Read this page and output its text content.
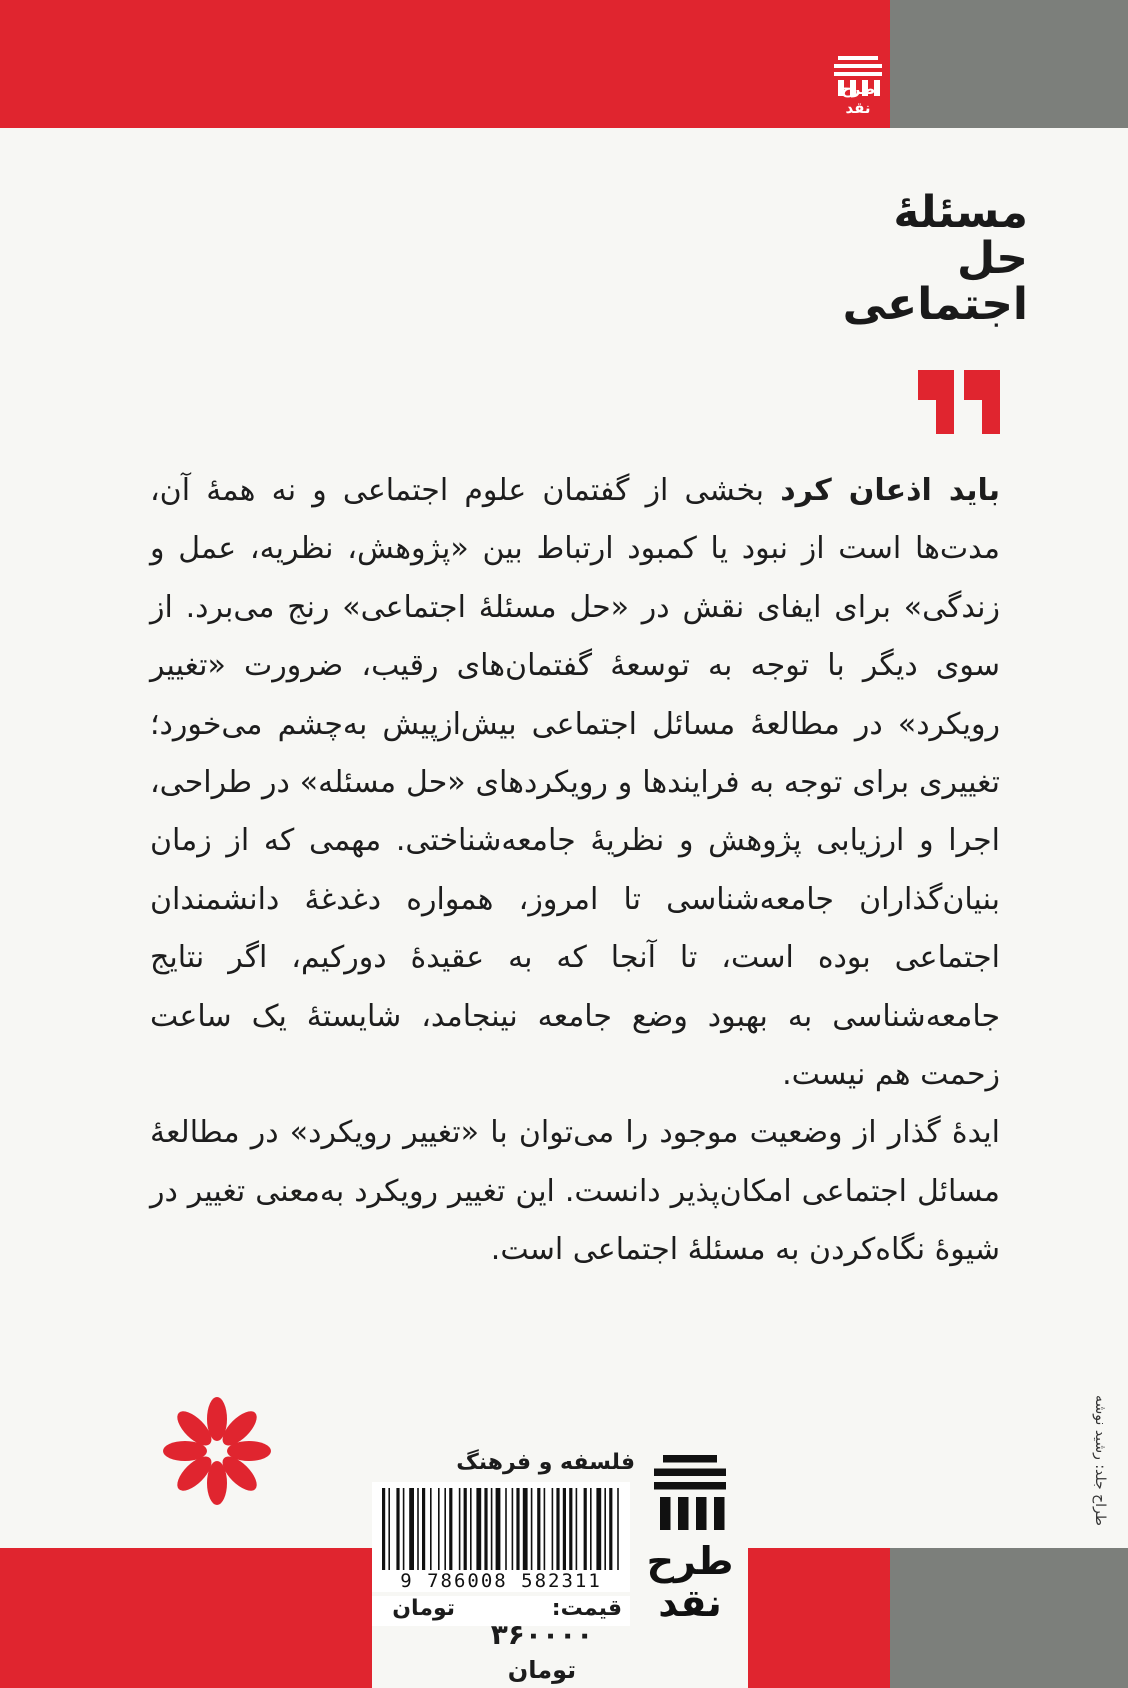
طرح نقد
مسئلهٔ حل اجتماعی

باید اذعان کرد بخشی از گفتمان علوم اجتماعی و نه همهٔ آن، مدت‌ها است از نبود یا کمبود ارتباط بین «پژوهش، نظریه، عمل و زندگی» برای ایفای نقش در «حل مسئلهٔ اجتماعی» رنج می‌برد. از سوی دیگر با توجه به توسعهٔ گفتمان‌های رقیب، ضرورت «تغییر رویکرد» در مطالعهٔ مسائل اجتماعی بیش‌ازپیش به‌چشم می‌خورد؛ تغییری برای توجه به فرایندها و رویکردهای «حل مسئله» در طراحی، اجرا و ارزیابی پژوهش و نظریهٔ جامعه‌شناختی. مهمی که از زمان بنیان‌گذاران جامعه‌شناسی تا امروز، همواره دغدغهٔ دانشمندان اجتماعی بوده است، تا آنجا که به عقیدهٔ دورکیم، اگر نتایج جامعه‌شناسی به بهبود وضع جامعه نینجامد، شایستهٔ یک ساعت زحمت هم نیست.

ایدهٔ گذار از وضعیت موجود را می‌توان با «تغییر رویکرد» در مطالعهٔ مسائل اجتماعی امکان‌پذیر دانست. این تغییر رویکرد به‌معنی تغییر در شیوهٔ نگاه‌کردن به مسئلهٔ اجتماعی است.

فلسفه و فرهنگ
9 786008 582311
قیمت:
تومان
۳۶۰۰۰۰
تومان
طرح نقد
طراح جلد: رشید نوشه
